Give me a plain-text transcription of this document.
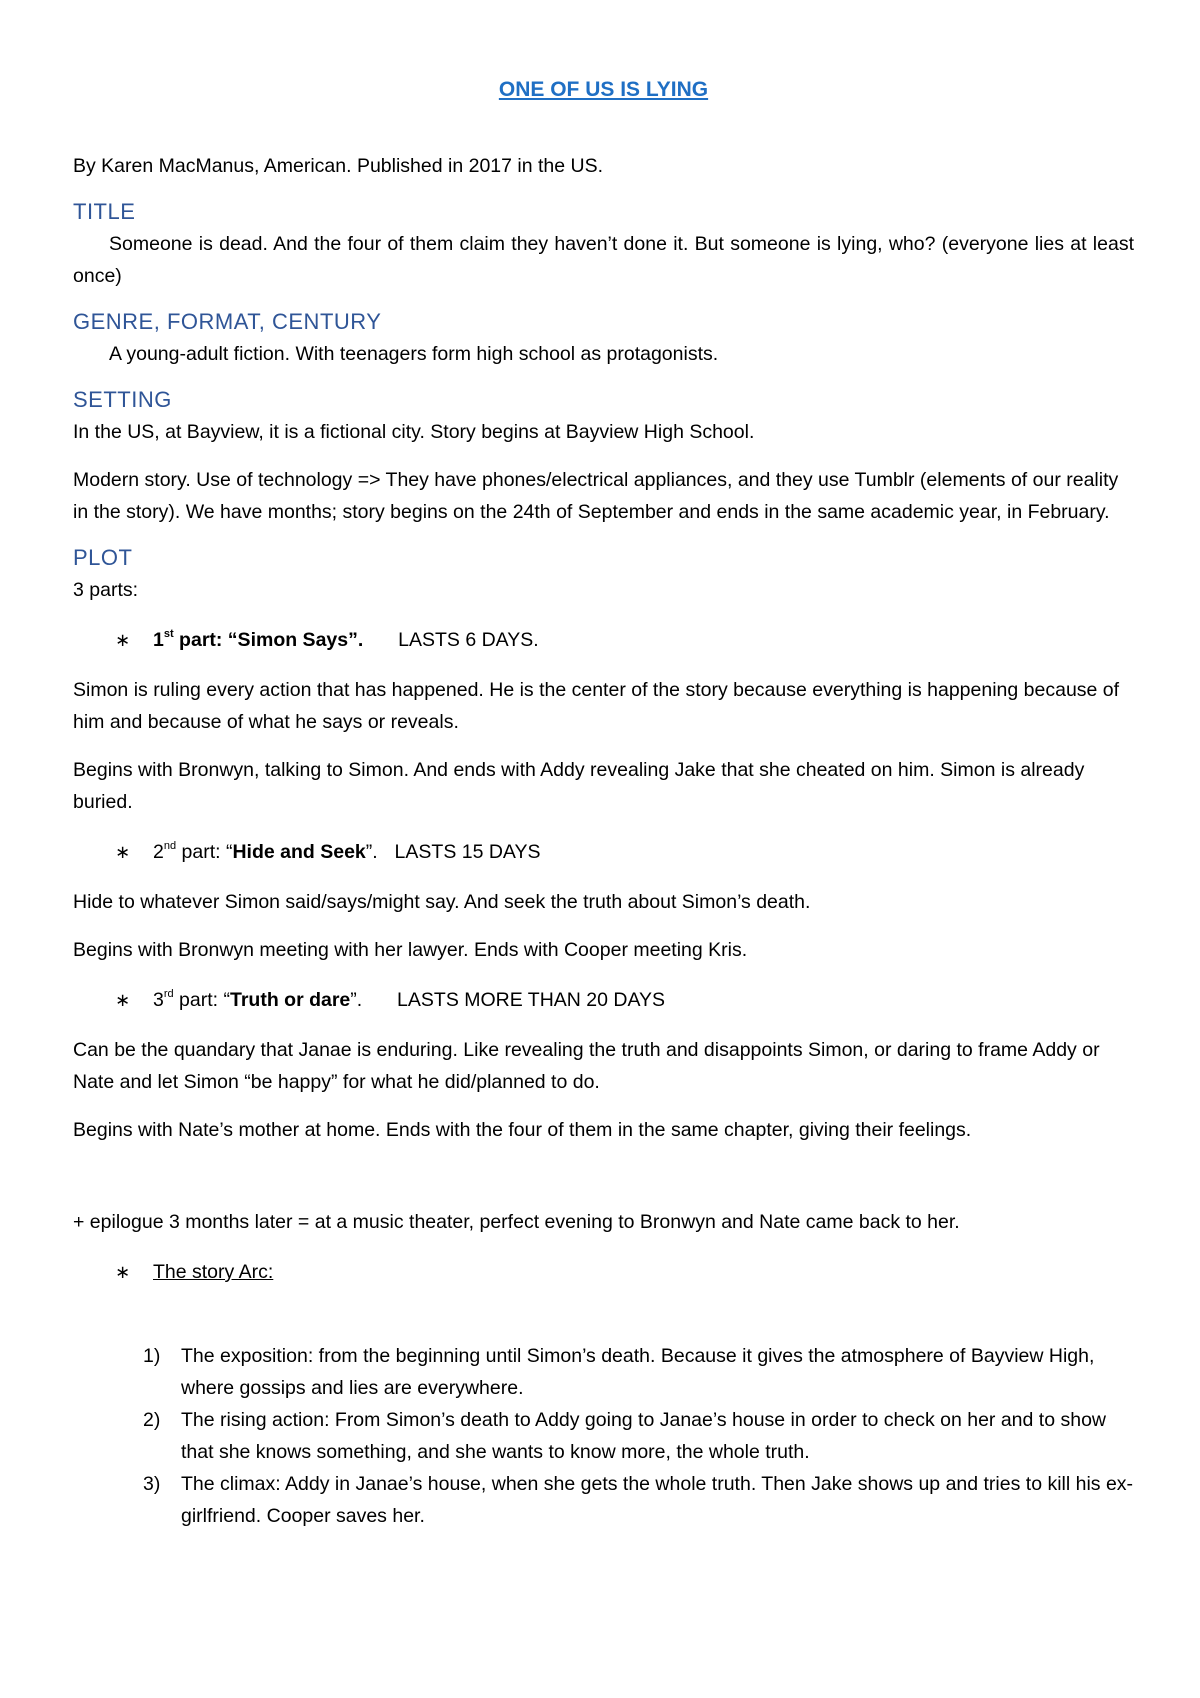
ONE OF US IS LYING

By Karen MacManus, American. Published in 2017 in the US.

TITLE

Someone is dead. And the four of them claim they haven’t done it. But someone is lying, who? (everyone lies at least once)

GENRE, FORMAT, CENTURY

A young-adult fiction. With teenagers form high school as protagonists.

SETTING

In the US, at Bayview, it is a fictional city. Story begins at Bayview High School.

Modern story. Use of technology => They have phones/electrical appliances, and they use Tumblr (elements of our reality in the story). We have months; story begins on the 24th of September and ends in the same academic year, in February.

PLOT

3 parts:

∗ 1st part: “Simon Says”. LASTS 6 DAYS.

Simon is ruling every action that has happened. He is the center of the story because everything is happening because of him and because of what he says or reveals.

Begins with Bronwyn, talking to Simon. And ends with Addy revealing Jake that she cheated on him. Simon is already buried.

∗ 2nd part: “Hide and Seek”. LASTS 15 DAYS

Hide to whatever Simon said/says/might say. And seek the truth about Simon’s death.

Begins with Bronwyn meeting with her lawyer. Ends with Cooper meeting Kris.

∗ 3rd part: “Truth or dare”. LASTS MORE THAN 20 DAYS

Can be the quandary that Janae is enduring. Like revealing the truth and disappoints Simon, or daring to frame Addy or Nate and let Simon “be happy” for what he did/planned to do.

Begins with Nate’s mother at home. Ends with the four of them in the same chapter, giving their feelings.

+ epilogue 3 months later = at a music theater, perfect evening to Bronwyn and Nate came back to her.

∗ The story Arc:
1) The exposition: from the beginning until Simon’s death. Because it gives the atmosphere of Bayview High, where gossips and lies are everywhere.
2) The rising action: From Simon’s death to Addy going to Janae’s house in order to check on her and to show that she knows something, and she wants to know more, the whole truth.
3) The climax: Addy in Janae’s house, when she gets the whole truth. Then Jake shows up and tries to kill his ex-girlfriend. Cooper saves her.
